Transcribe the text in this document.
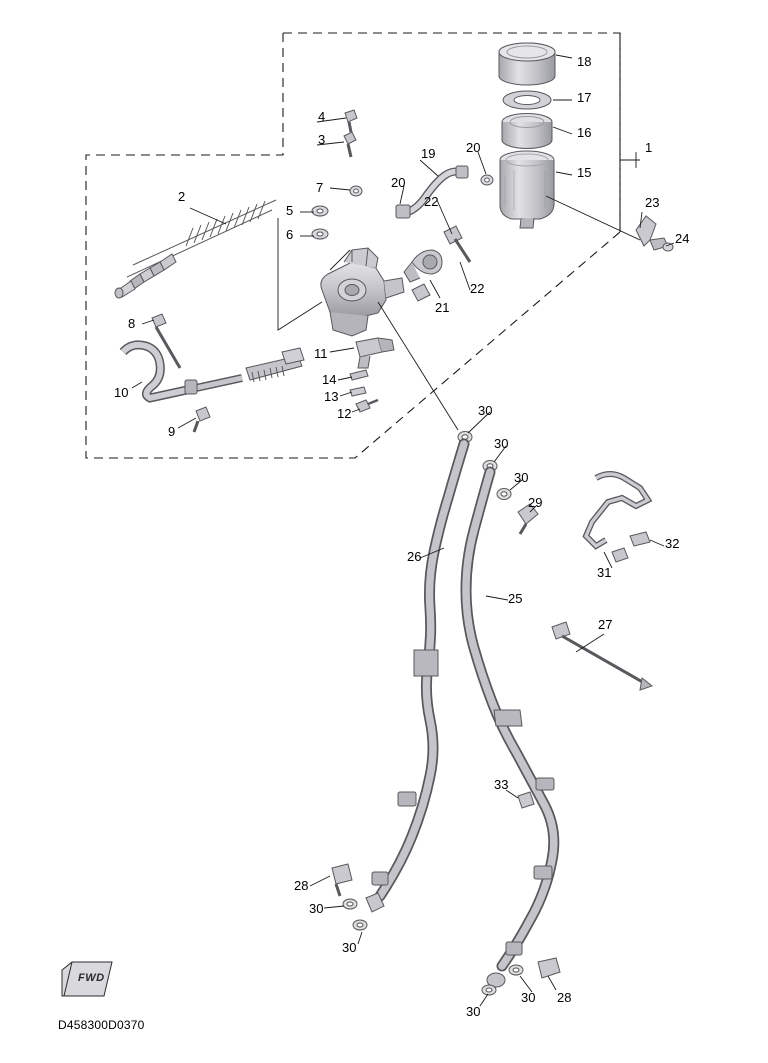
1
2
3
4
5
6
7
8
9
10
11
12
13
14
15
16
17
18
19
20
20
21
22
22
23
24
25
26
27
28
28
29
30
30
30
30
30
30
30
31
32
33
FWD
D458300D0370
